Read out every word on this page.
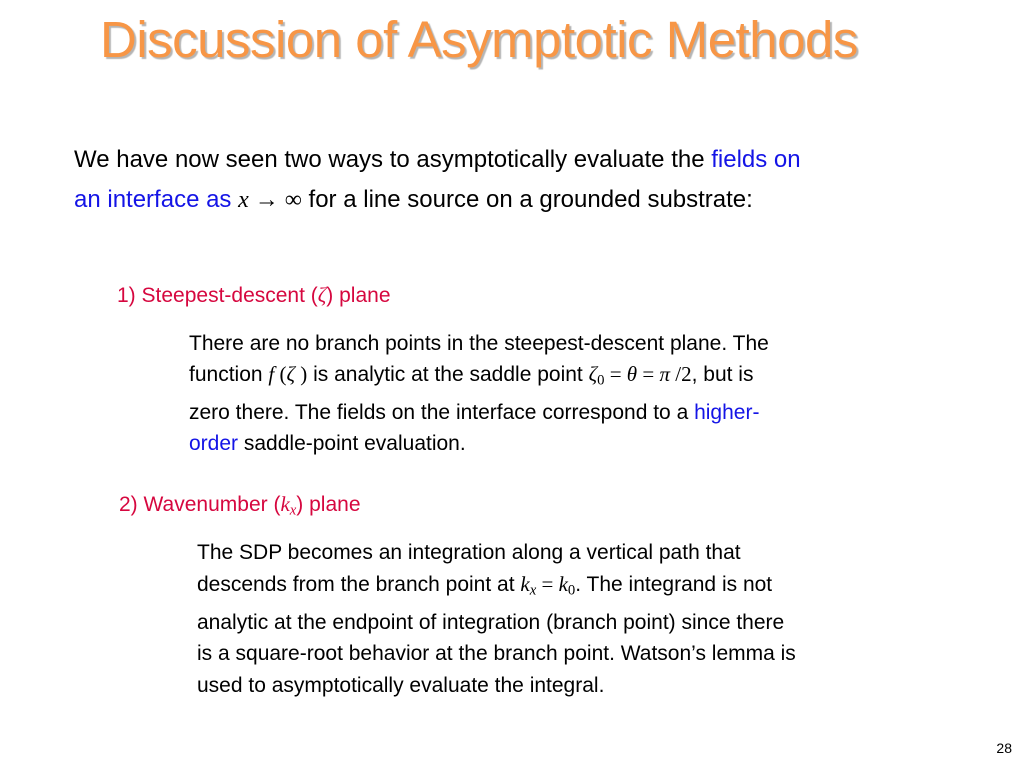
Discussion of Asymptotic Methods
We have now seen two ways to asymptotically evaluate the fields on
an interface as x → ∞ for a line source on a grounded substrate:
1) Steepest-descent (ζ) plane
There are no branch points in the steepest-descent plane. The
function f (ζ ) is analytic at the saddle point $\zeta_0 = \theta = \pi$ /2, but is
zero there. The fields on the interface correspond to a higher-
order saddle-point evaluation.
2) Wavenumber $(k_x)$ plane
The SDP becomes an integration along a vertical path that
descends from the branch point at $k_x = k_0$. The integrand is not
analytic at the endpoint of integration (branch point) since there
is a square-root behavior at the branch point. Watson’s lemma is
used to asymptotically evaluate the integral.
28
